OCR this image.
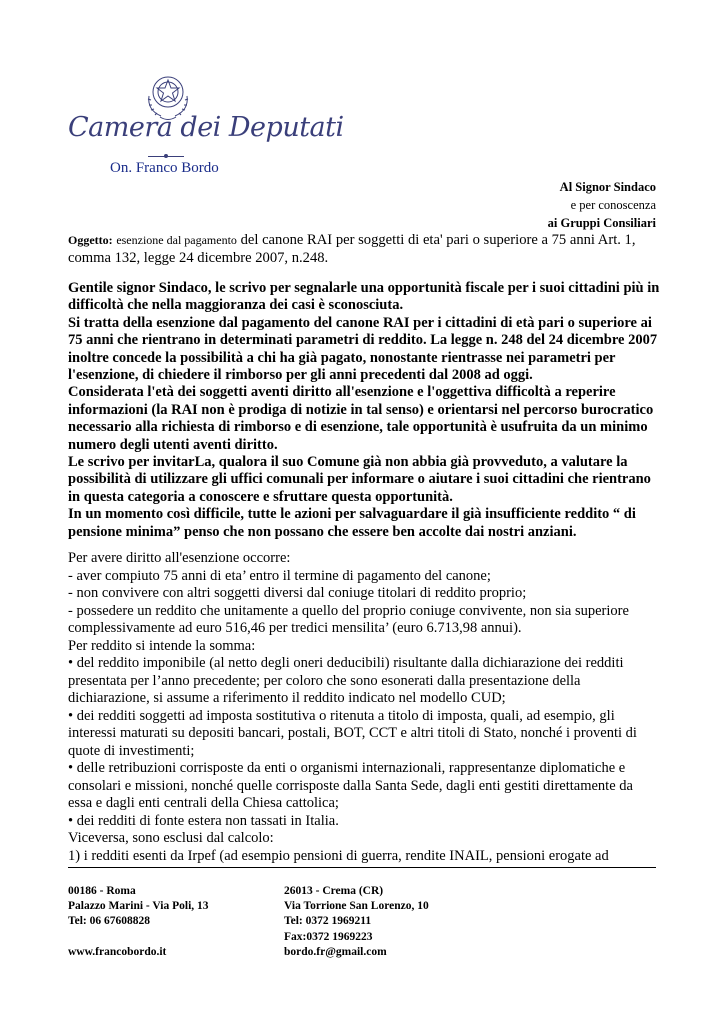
Camera dei Deputati
On. Franco Bordo
Al Signor Sindaco
e per conoscenza
ai Gruppi Consiliari
Oggetto: esenzione dal pagamento del canone RAI per soggetti di eta' pari o superiore a 75 anni Art. 1, comma 132, legge 24 dicembre 2007, n.248.

Gentile signor Sindaco, le scrivo per segnalarle una opportunità fiscale per i suoi cittadini più in difficoltà che nella maggioranza dei casi è sconosciuta.

Si tratta della esenzione dal pagamento del canone RAI per i cittadini di età pari o superiore ai 75 anni che rientrano in determinati parametri di reddito. La legge n. 248 del 24 dicembre 2007 inoltre concede la possibilità a chi ha già pagato, nonostante rientrasse nei parametri per l'esenzione, di chiedere il rimborso per gli anni precedenti dal 2008 ad oggi.

Considerata l'età dei soggetti aventi diritto all'esenzione e l'oggettiva difficoltà a reperire informazioni (la RAI non è prodiga di notizie in tal senso) e orientarsi nel percorso burocratico necessario alla richiesta di rimborso e di esenzione, tale opportunità è usufruita da un minimo numero degli utenti aventi diritto.

Le scrivo per invitarLa, qualora il suo Comune già non abbia già provveduto, a valutare la possibilità di utilizzare gli uffici comunali per informare o aiutare i suoi cittadini che rientrano in questa categoria a conoscere e sfruttare questa opportunità.

In un momento così difficile, tutte le azioni per salvaguardare il già insufficiente reddito “ di pensione minima” penso che non possano che essere ben accolte dai nostri anziani.

Per avere diritto all'esenzione occorre:

- aver compiuto 75 anni di eta’ entro il termine di pagamento del canone;

- non convivere con altri soggetti diversi dal coniuge titolari di reddito proprio;

- possedere un reddito che unitamente a quello del proprio coniuge convivente, non sia superiore complessivamente ad euro 516,46 per tredici mensilita’ (euro 6.713,98 annui).

Per reddito si intende la somma:

• del reddito imponibile (al netto degli oneri deducibili) risultante dalla dichiarazione dei redditi presentata per l’anno precedente; per coloro che sono esonerati dalla presentazione della dichiarazione, si assume a riferimento il reddito indicato nel modello CUD;

• dei redditi soggetti ad imposta sostitutiva o ritenuta a titolo di imposta, quali, ad esempio, gli interessi maturati su depositi bancari, postali, BOT, CCT e altri titoli di Stato, nonché i proventi di quote di investimenti;

• delle retribuzioni corrisposte da enti o organismi internazionali, rappresentanze diplomatiche e consolari e missioni, nonché quelle corrisposte dalla Santa Sede, dagli enti gestiti direttamente da essa e dagli enti centrali della Chiesa cattolica;

• dei redditi di fonte estera non tassati in Italia.

Viceversa, sono esclusi dal calcolo:

1) i redditi esenti da Irpef (ad esempio pensioni di guerra, rendite INAIL, pensioni erogate ad

00186 - Roma
Palazzo Marini - Via Poli, 13
Tel: 06 67608828
www.francobordo.it
26013 - Crema (CR)
Via Torrione San Lorenzo, 10
Tel: 0372 1969211
Fax:0372 1969223
bordo.fr@gmail.com
